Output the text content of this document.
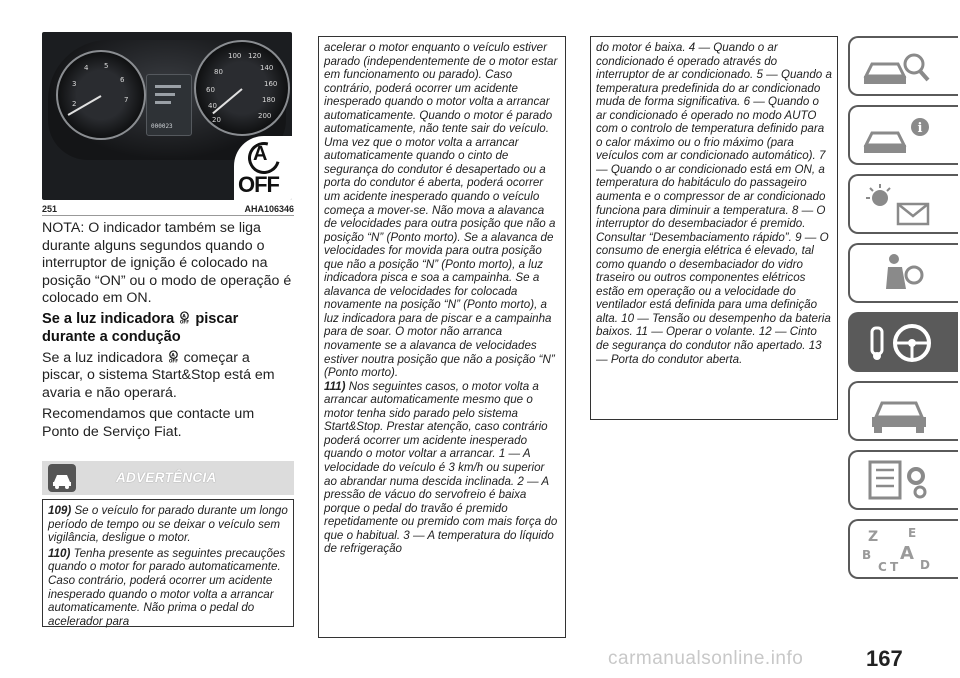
2
3
4 5
6
7
000023
60
80
100 120
140
160
180
200
40
20
A
OFF
251	AHA106346

NOTA: O indicador também se liga durante alguns segundos quando o interruptor de ignição é colocado na posição “ON” ou o modo de operação é colocado em ON.

Se a luz indicadora A
OFF piscar durante a condução

Se a luz indicadora A
OFF começar a piscar, o sistema Start&Stop está em avaria e não operará.

Recomendamos que contacte um Ponto de Serviço Fiat.

ADVERTÊNCIA

109) Se o veículo for parado durante um longo período de tempo ou se deixar o veículo sem vigilância, desligue o motor.

110) Tenha presente as seguintes precauções quando o motor for parado automaticamente. Caso contrário, poderá ocorrer um acidente inesperado quando o motor volta a arrancar automaticamente. Não prima o pedal do acelerador para

acelerar o motor enquanto o veículo estiver parado (independentemente de o motor estar em funcionamento ou parado). Caso contrário, poderá ocorrer um acidente inesperado quando o motor volta a arrancar automaticamente. Quando o motor é parado automaticamente, não tente sair do veículo. Uma vez que o motor volta a arrancar automaticamente quando o cinto de segurança do condutor é desapertado ou a porta do condutor é aberta, poderá ocorrer um acidente inesperado quando o veículo começa a mover-se. Não mova a alavanca de velocidades para outra posição que não a posição “N” (Ponto morto). Se a alavanca de velocidades for movida para outra posição que não a posição “N” (Ponto morto), a luz indicadora pisca e soa a campainha. Se a alavanca de velocidades for colocada novamente na posição “N” (Ponto morto), a luz indicadora para de piscar e a campainha para de soar. O motor não arranca novamente se a alavanca de velocidades estiver noutra posição que não a posição “N” (Ponto morto).

111) Nos seguintes casos, o motor volta a arrancar automaticamente mesmo que o motor tenha sido parado pelo sistema Start&Stop. Prestar atenção, caso contrário poderá ocorrer um acidente inesperado quando o motor voltar a arrancar. 1 — A velocidade do veículo é 3 km/h ou superior ao abrandar numa descida inclinada. 2 — A pressão de vácuo do servofreio é baixa porque o pedal do travão é premido repetidamente ou premido com mais força do que o habitual. 3 — A temperatura do líquido de refrigeração

do motor é baixa. 4 — Quando o ar condicionado é operado através do interruptor de ar condicionado. 5 — Quando a temperatura predefinida do ar condicionado muda de forma significativa. 6 — Quando o ar condicionado é operado no modo AUTO com o controlo de temperatura definido para o calor máximo ou o frio máximo (para veículos com ar condicionado automático). 7 — Quando o ar condicionado está em ON, a temperatura do habitáculo do passageiro aumenta e o compressor de ar condicionado funciona para diminuir a temperatura. 8 — O interruptor do desembaciador é premido. Consultar “Desembaciamento rápido”. 9 — O consumo de energia elétrica é elevado, tal como quando o desembaciador do vidro traseiro ou outros componentes elétricos estão em operação ou a velocidade do ventilador está definida para uma definição alta. 10 — Tensão ou desempenho da bateria baixos. 11 — Operar o volante. 12 — Cinto de segurança do condutor não apertado. 13 — Porta do condutor aberta.

i
Z E
B A
C T D
167
carmanualsonline.info
